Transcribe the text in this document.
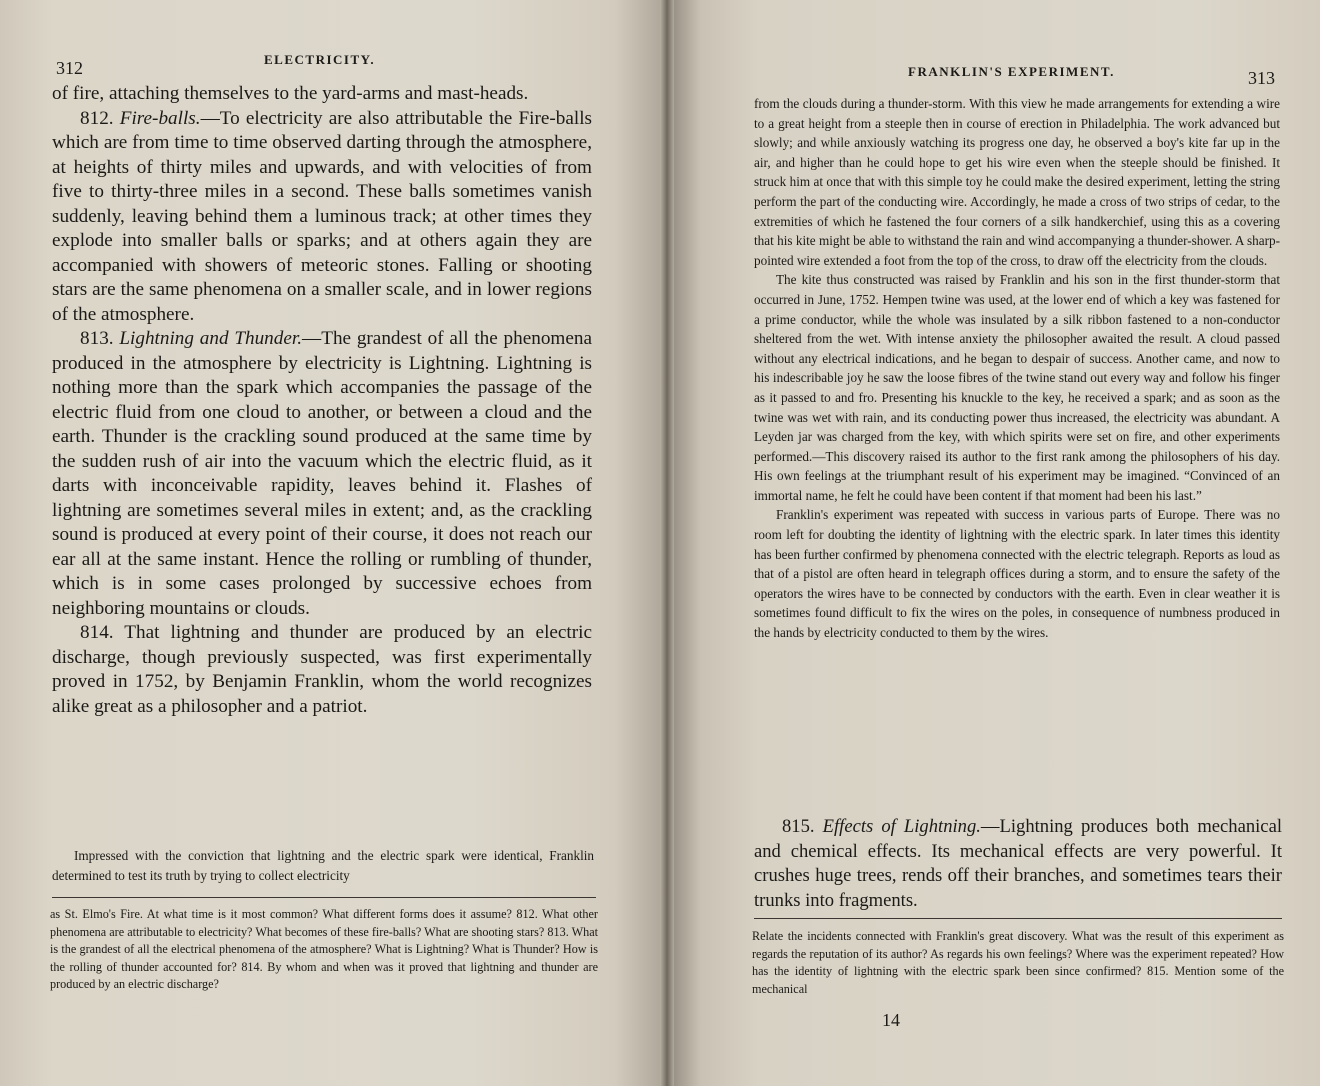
312	ELECTRICITY.

of fire, attaching themselves to the yard-arms and mast-heads.

812. Fire-balls.—To electricity are also attributable the Fire-balls which are from time to time observed darting through the atmosphere, at heights of thirty miles and upwards, and with velocities of from five to thirty-three miles in a second. These balls sometimes vanish suddenly, leaving behind them a luminous track; at other times they explode into smaller balls or sparks; and at others again they are accompanied with showers of meteoric stones. Falling or shooting stars are the same phenomena on a smaller scale, and in lower regions of the atmosphere.

813. Lightning and Thunder.—The grandest of all the phenomena produced in the atmosphere by electricity is Lightning. Lightning is nothing more than the spark which accompanies the passage of the electric fluid from one cloud to another, or between a cloud and the earth. Thunder is the crackling sound produced at the same time by the sudden rush of air into the vacuum which the electric fluid, as it darts with inconceivable rapidity, leaves behind it. Flashes of lightning are sometimes several miles in extent; and, as the crackling sound is produced at every point of their course, it does not reach our ear all at the same instant. Hence the rolling or rumbling of thunder, which is in some cases prolonged by successive echoes from neighboring mountains or clouds.

814. That lightning and thunder are produced by an electric discharge, though previously suspected, was first experimentally proved in 1752, by Benjamin Franklin, whom the world recognizes alike great as a philosopher and a patriot.

Impressed with the conviction that lightning and the electric spark were identical, Franklin determined to test its truth by trying to collect electricity

as St. Elmo's Fire. At what time is it most common? What different forms does it assume? 812. What other phenomena are attributable to electricity? What becomes of these fire-balls? What are shooting stars? 813. What is the grandest of all the electrical phenomena of the atmosphere? What is Lightning? What is Thunder? How is the rolling of thunder accounted for? 814. By whom and when was it proved that lightning and thunder are produced by an electric discharge?

FRANKLIN'S EXPERIMENT.	313

from the clouds during a thunder-storm. With this view he made arrangements for extending a wire to a great height from a steeple then in course of erection in Philadelphia. The work advanced but slowly; and while anxiously watching its progress one day, he observed a boy's kite far up in the air, and higher than he could hope to get his wire even when the steeple should be finished. It struck him at once that with this simple toy he could make the desired experiment, letting the string perform the part of the conducting wire. Accordingly, he made a cross of two strips of cedar, to the extremities of which he fastened the four corners of a silk handkerchief, using this as a covering that his kite might be able to withstand the rain and wind accompanying a thunder-shower. A sharp-pointed wire extended a foot from the top of the cross, to draw off the electricity from the clouds.

The kite thus constructed was raised by Franklin and his son in the first thunder-storm that occurred in June, 1752. Hempen twine was used, at the lower end of which a key was fastened for a prime conductor, while the whole was insulated by a silk ribbon fastened to a non-conductor sheltered from the wet. With intense anxiety the philosopher awaited the result. A cloud passed without any electrical indications, and he began to despair of success. Another came, and now to his indescribable joy he saw the loose fibres of the twine stand out every way and follow his finger as it passed to and fro. Presenting his knuckle to the key, he received a spark; and as soon as the twine was wet with rain, and its conducting power thus increased, the electricity was abundant. A Leyden jar was charged from the key, with which spirits were set on fire, and other experiments performed.—This discovery raised its author to the first rank among the philosophers of his day. His own feelings at the triumphant result of his experiment may be imagined. “Convinced of an immortal name, he felt he could have been content if that moment had been his last.”

Franklin's experiment was repeated with success in various parts of Europe. There was no room left for doubting the identity of lightning with the electric spark. In later times this identity has been further confirmed by phenomena connected with the electric telegraph. Reports as loud as that of a pistol are often heard in telegraph offices during a storm, and to ensure the safety of the operators the wires have to be connected by conductors with the earth. Even in clear weather it is sometimes found difficult to fix the wires on the poles, in consequence of numbness produced in the hands by electricity conducted to them by the wires.

815. Effects of Lightning.—Lightning produces both mechanical and chemical effects. Its mechanical effects are very powerful. It crushes huge trees, rends off their branches, and sometimes tears their trunks into fragments.

Relate the incidents connected with Franklin's great discovery. What was the result of this experiment as regards the reputation of its author? As regards his own feelings? Where was the experiment repeated? How has the identity of lightning with the electric spark been since confirmed? 815. Mention some of the mechanical

14
